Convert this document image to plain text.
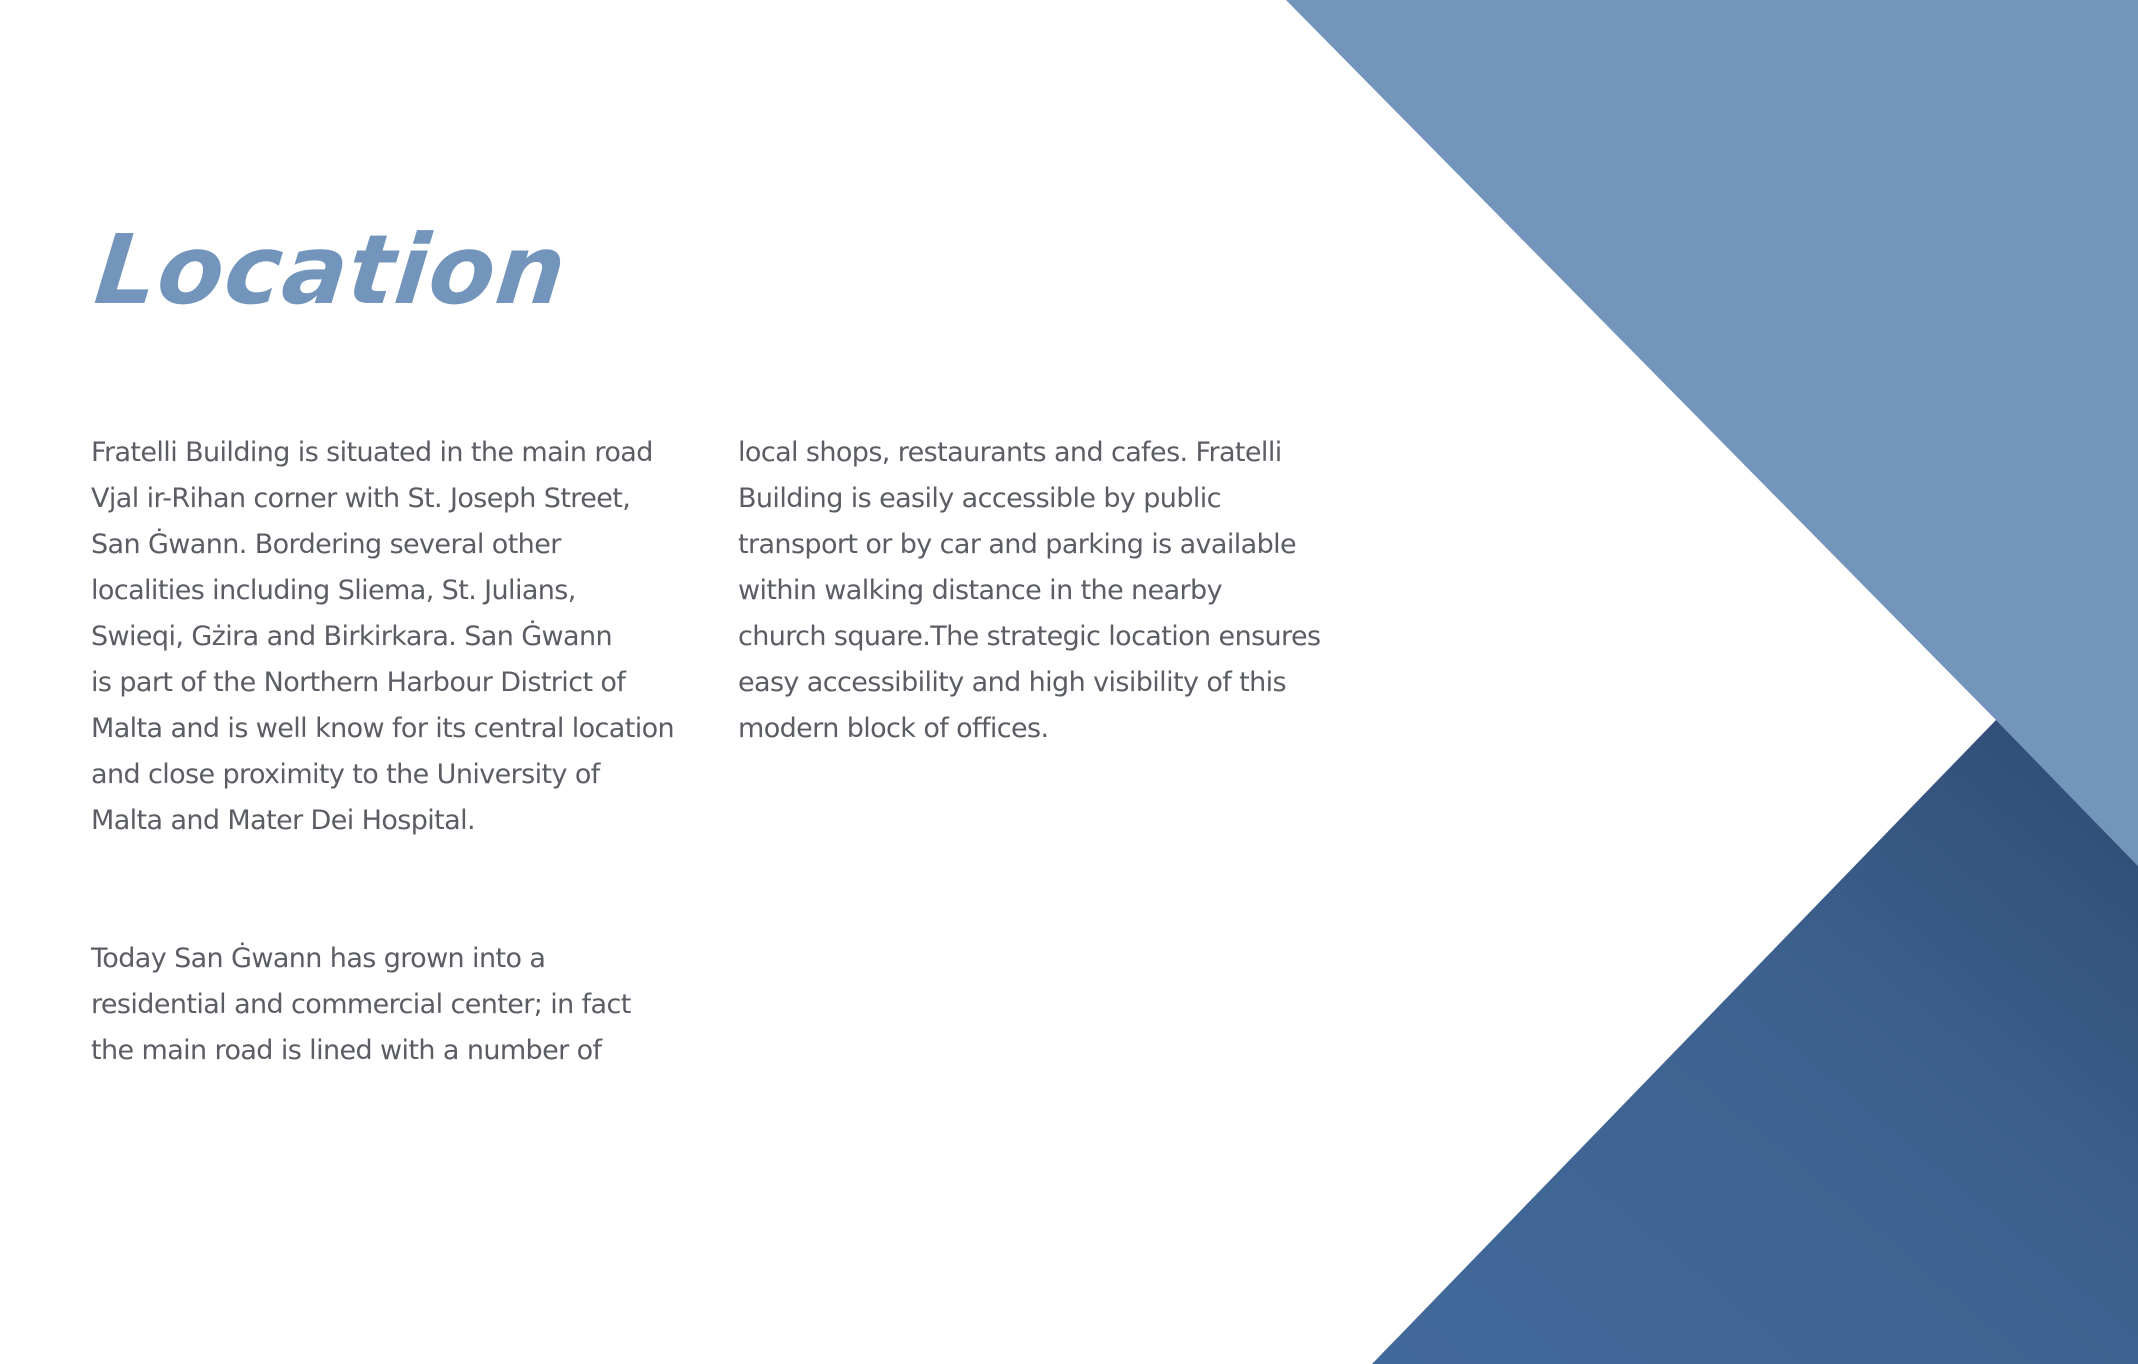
Location

Fratelli Building is situated in the main road
Vjal ir-Rihan corner with St. Joseph Street,
San Ġwann. Bordering several other
localities including Sliema, St. Julians,
Swieqi, Gżira and Birkirkara. San Ġwann
is part of the Northern Harbour District of
Malta and is well know for its central location
and close proximity to the University of
Malta and Mater Dei Hospital.

Today San Ġwann has grown into a
residential and commercial center; in fact
the main road is lined with a number of

local shops, restaurants and cafes. Fratelli
Building is easily accessible by public
transport or by car and parking is available
within walking distance in the nearby
church square.The strategic location ensures
easy accessibility and high visibility of this
modern block of offices.
